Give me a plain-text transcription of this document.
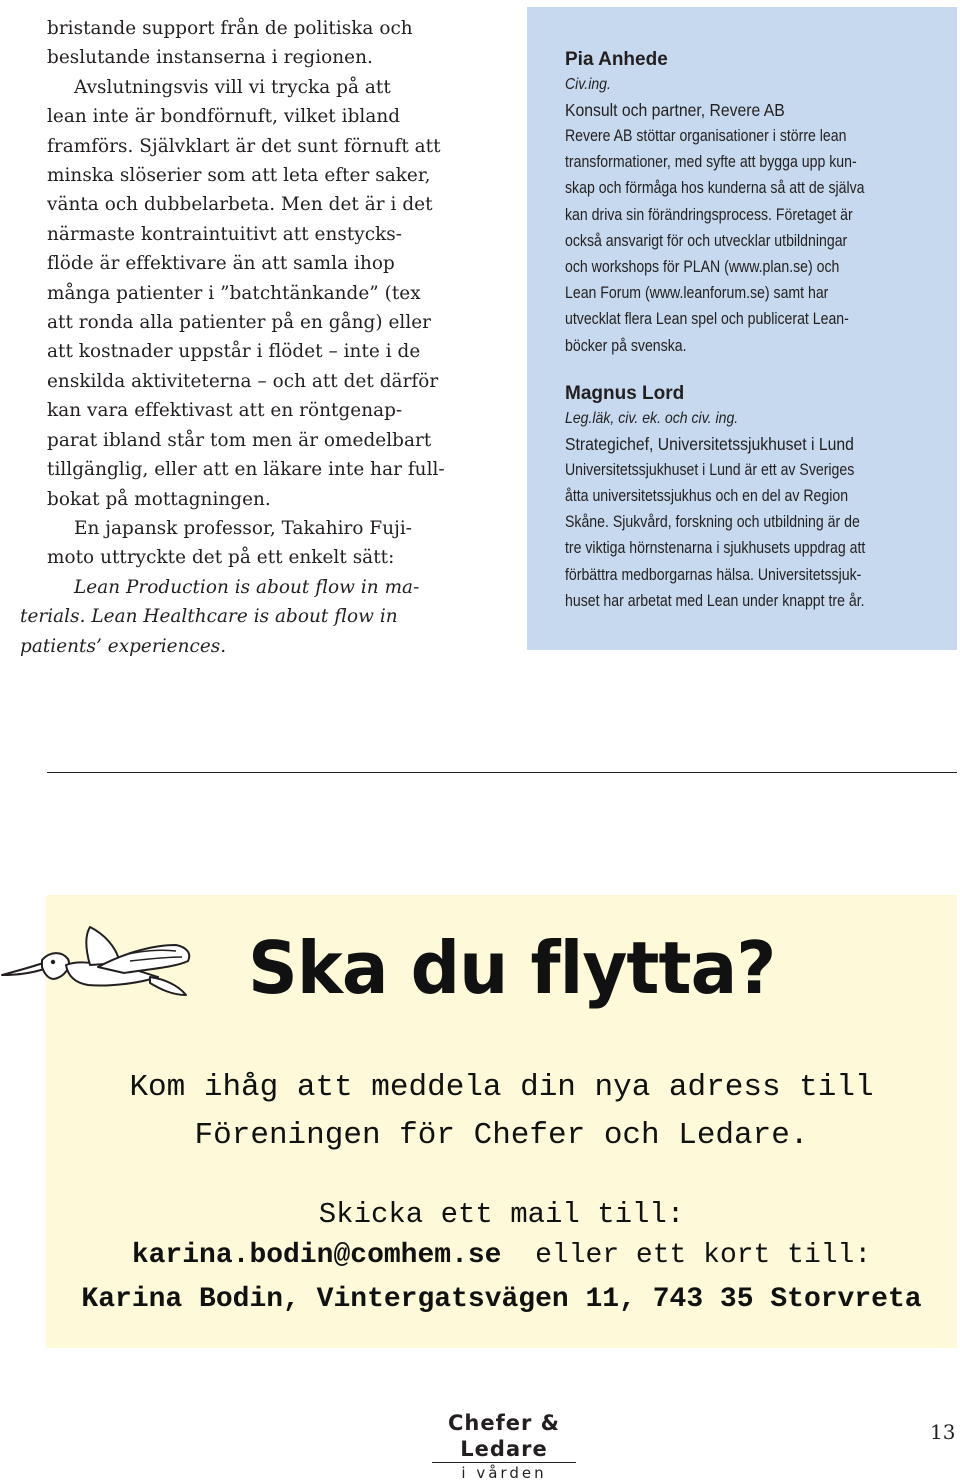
bristande support från de politiska och
beslutande instanserna i regionen.

Avslutningsvis vill vi trycka på att
lean inte är bondförnuft, vilket ibland
framförs. Självklart är det sunt förnuft att
minska slöserier som att leta efter saker,
vänta och dubbelarbeta. Men det är i det
närmaste kontraintuitivt att enstycks-
flöde är effektivare än att samla ihop
många patienter i ”batchtänkande” (tex
att ronda alla patienter på en gång) eller
att kostnader uppstår i flödet – inte i de
enskilda aktiviteterna – och att det därför
kan vara effektivast att en röntgenap-
parat ibland står tom men är omedelbart
tillgänglig, eller att en läkare inte har full-
bokat på mottagningen.

En japansk professor, Takahiro Fuji-
moto uttryckte det på ett enkelt sätt:

Lean Production is about flow in ma-
terials. Lean Healthcare is about flow in
patients’ experiences.

Pia Anhede
Civ.ing.
Konsult och partner, Revere AB
Revere AB stöttar organisationer i större lean
transformationer, med syfte att bygga upp kun-
skap och förmåga hos kunderna så att de själva
kan driva sin förändringsprocess. Företaget är
också ansvarigt för och utvecklar utbildningar
och workshops för PLAN (www.plan.se) och
Lean Forum (www.leanforum.se) samt har
utvecklat flera Lean spel och publicerat Lean-
böcker på svenska.
Magnus Lord
Leg.läk, civ. ek. och civ. ing.
Strategichef, Universitetssjukhuset i Lund
Universitetssjukhuset i Lund är ett av Sveriges
åtta universitetssjukhus och en del av Region
Skåne. Sjukvård, forskning och utbildning är de
tre viktiga hörnstenarna i sjukhusets uppdrag att
förbättra medborgarnas hälsa. Universitetssjuk-
huset har arbetat med Lean under knappt tre år.
Ska du flytta?
Kom ihåg att meddela din nya adress till
Föreningen för Chefer och Ledare.
Skicka ett mail till:
karina.bodin@comhem.se eller ett kort till:
Karina Bodin, Vintergatsvägen 11, 743 35 Storvreta
Chefer & Ledare
i vården
13
